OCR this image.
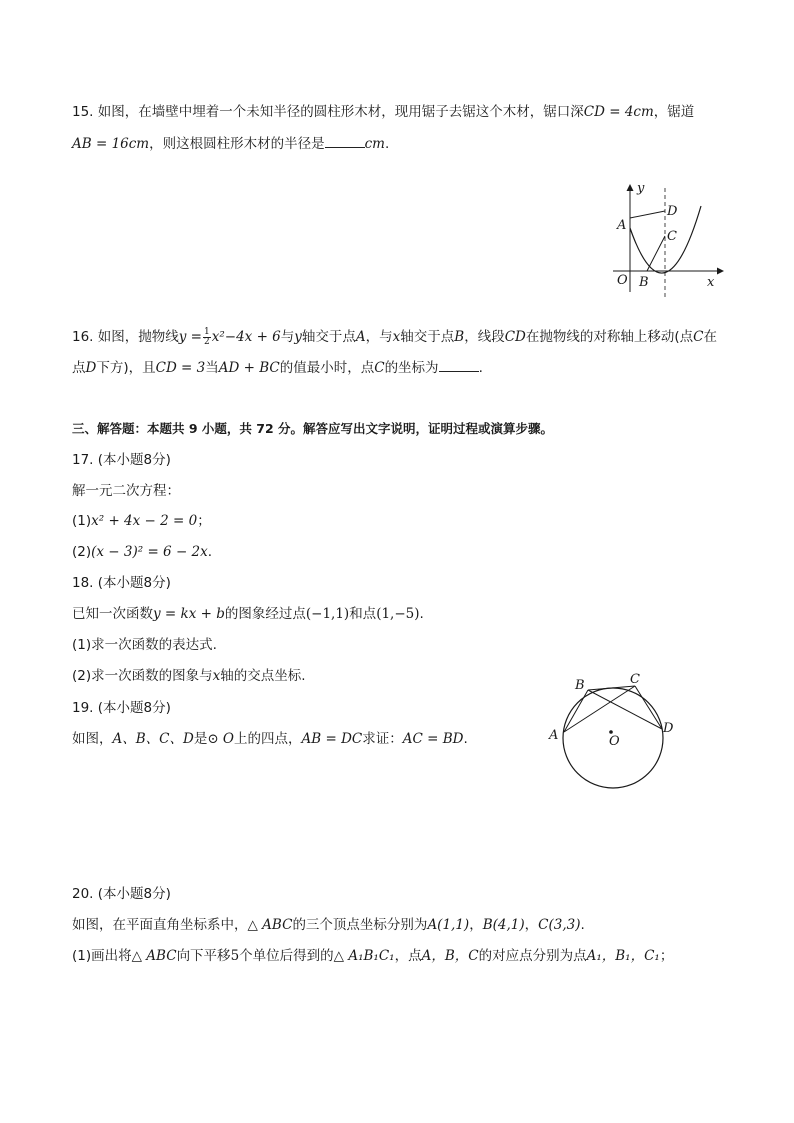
15. 如图，在墙壁中埋着一个未知半径的圆柱形木材，现用锯子去锯这个木材，锯口深CD = 4cm，锯道
AB = 16cm，则这根圆柱形木材的半径是	cm.
y
x
O
A
B
C
D
16. 如图，抛物线$y = \frac{1}{2} x^2-4x + 6$与y轴交于点A，与x轴交于点B，线段CD在抛物线的对称轴上移动(点C在
点D下方)，且CD = 3当AD + BC的值最小时，点C的坐标为	.
三、解答题：本题共 9 小题，共 72 分。解答应写出文字说明，证明过程或演算步骤。
17. (本小题8分)
解一元二次方程：
(1)x² + 4x − 2 = 0；
(2)(x − 3)² = 6 − 2x.
18. (本小题8分)
已知一次函数y = kx + b的图象经过点(−1,1)和点(1,−5).
(1)求一次函数的表达式.
(2)求一次函数的图象与x轴的交点坐标.
19. (本小题8分)
如图，A、B、C、D是⊙ O上的四点，AB = DC求证：AC = BD.	A
B	C
D
O
20. (本小题8分)
如图，在平面直角坐标系中，△ ABC的三个顶点坐标分别为A(1,1)，B(4,1)，C(3,3).
(1)画出将△ ABC向下平移5个单位后得到的△ A₁B₁C₁，点A，B，C的对应点分别为点A₁，B₁，C₁；
